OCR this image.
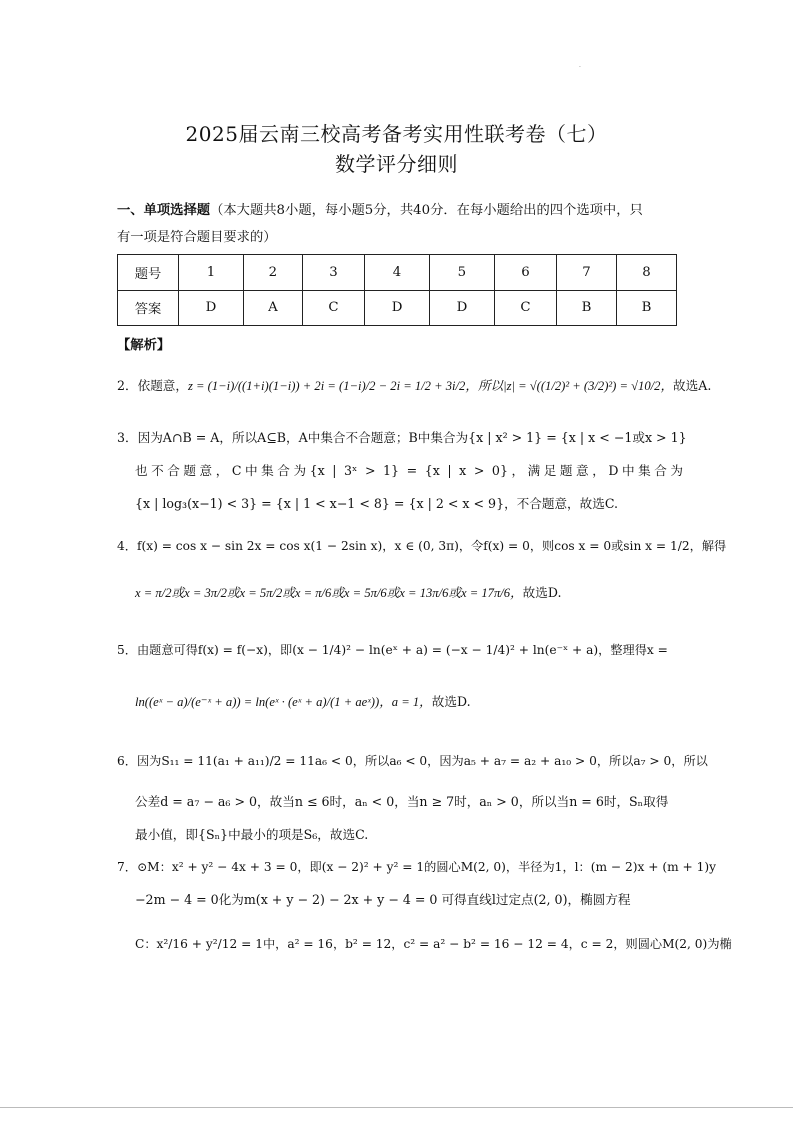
·
2025届云南三校高考备考实用性联考卷（七）
数学评分细则
一、单项选择题（本大题共8小题，每小题5分，共40分．在每小题给出的四个选项中，只
有一项是符合题目要求的）
题号	1	2	3	4	5	6	7	8
答案	D	A	C	D	D	C	B	B
【解析】
2．依题意，z = (1−i)/((1+i)(1−i)) + 2i = (1−i)/2 − 2i = 1/2 + 3i/2，所以|z| = √((1/2)² + (3/2)²) = √10/2，故选A.
3．因为A∩B = A，所以A⊆B，A中集合不合题意；B中集合为{x | x² > 1} = {x | x < −1或x > 1}
也不合题意，C中集合为{x | 3ˣ > 1} = {x | x > 0}，满足题意，D中集合为
{x | log₃(x−1) < 3} = {x | 1 < x−1 < 8} = {x | 2 < x < 9}，不合题意，故选C.
4．f(x) = cos x − sin 2x = cos x(1 − 2sin x)，x ∈ (0, 3π)，令f(x) = 0，则cos x = 0或sin x = 1/2，解得
x = π/2或x = 3π/2或x = 5π/2或x = π/6或x = 5π/6或x = 13π/6或x = 17π/6，故选D.
5．由题意可得f(x) = f(−x)，即(x − 1/4)² − ln(eˣ + a) = (−x − 1/4)² + ln(e⁻ˣ + a)，整理得x =
ln((eˣ − a)/(e⁻ˣ + a)) = ln(eˣ · (eˣ + a)/(1 + aeˣ))，a = 1，故选D.
6．因为S₁₁ = 11(a₁ + a₁₁)/2 = 11a₆ < 0，所以a₆ < 0，因为a₅ + a₇ = a₂ + a₁₀ > 0，所以a₇ > 0，所以
公差d = a₇ − a₆ > 0，故当n ≤ 6时，aₙ < 0，当n ≥ 7时，aₙ > 0，所以当n = 6时，Sₙ取得
最小值，即{Sₙ}中最小的项是S₆，故选C.
7．⊙M：x² + y² − 4x + 3 = 0，即(x − 2)² + y² = 1的圆心M(2, 0)，半径为1，l：(m − 2)x + (m + 1)y
−2m − 4 = 0化为m(x + y − 2) − 2x + y − 4 = 0 可得直线l过定点(2, 0)，椭圆方程
C：x²/16 + y²/12 = 1中，a² = 16，b² = 12，c² = a² − b² = 16 − 12 = 4，c = 2，则圆心M(2, 0)为椭
